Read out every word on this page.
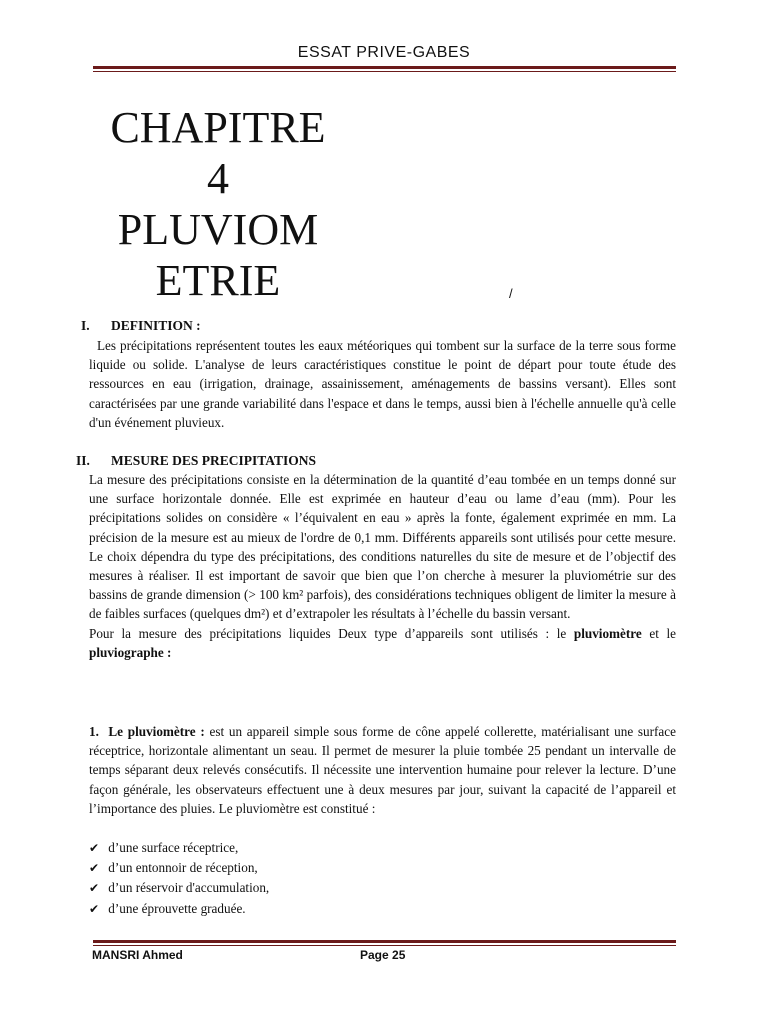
ESSAT PRIVE-GABES
CHAPITRE
4
PLUVIOM
ETRIE	/
I. DEFINITION :
Les précipitations représentent toutes les eaux météoriques qui tombent sur la surface de la terre sous forme liquide ou solide. L'analyse de leurs caractéristiques constitue le point de départ pour toute étude des ressources en eau (irrigation, drainage, assainissement, aménagements de bassins versant). Elles sont caractérisées par une grande variabilité dans l'espace et dans le temps, aussi bien à l'échelle annuelle qu'à celle d'un événement pluvieux.
II. MESURE DES PRECIPITATIONS

La mesure des précipitations consiste en la détermination de la quantité d’eau tombée en un temps donné sur une surface horizontale donnée. Elle est exprimée en hauteur d’eau ou lame d’eau (mm). Pour les précipitations solides on considère « l’équivalent en eau » après la fonte, également exprimée en mm. La précision de la mesure est au mieux de l'ordre de 0,1 mm. Différents appareils sont utilisés pour cette mesure. Le choix dépendra du type des précipitations, des conditions naturelles du site de mesure et de l’objectif des mesures à réaliser. Il est important de savoir que bien que l’on cherche à mesurer la pluviométrie sur des bassins de grande dimension (> 100 km² parfois), des considérations techniques obligent de limiter la mesure à de faibles surfaces (quelques dm²) et d’extrapoler les résultats à l’échelle du bassin versant.

Pour la mesure des précipitations liquides Deux type d’appareils sont utilisés : le pluviomètre et le pluviographe :

1. Le pluviomètre : est un appareil simple sous forme de cône appelé collerette, matérialisant une surface réceptrice, horizontale alimentant un seau. Il permet de mesurer la pluie tombée 25 pendant un intervalle de temps séparant deux relevés consécutifs. Il nécessite une intervention humaine pour relever la lecture. D’une façon générale, les observateurs effectuent une à deux mesures par jour, suivant la capacité de l’appareil et l’importance des pluies. Le pluviomètre est constitué :

✔ d’une surface réceptrice,
✔ d’un entonnoir de réception,
✔ d’un réservoir d'accumulation,
✔ d’une éprouvette graduée.
MANSRI Ahmed	Page 25
